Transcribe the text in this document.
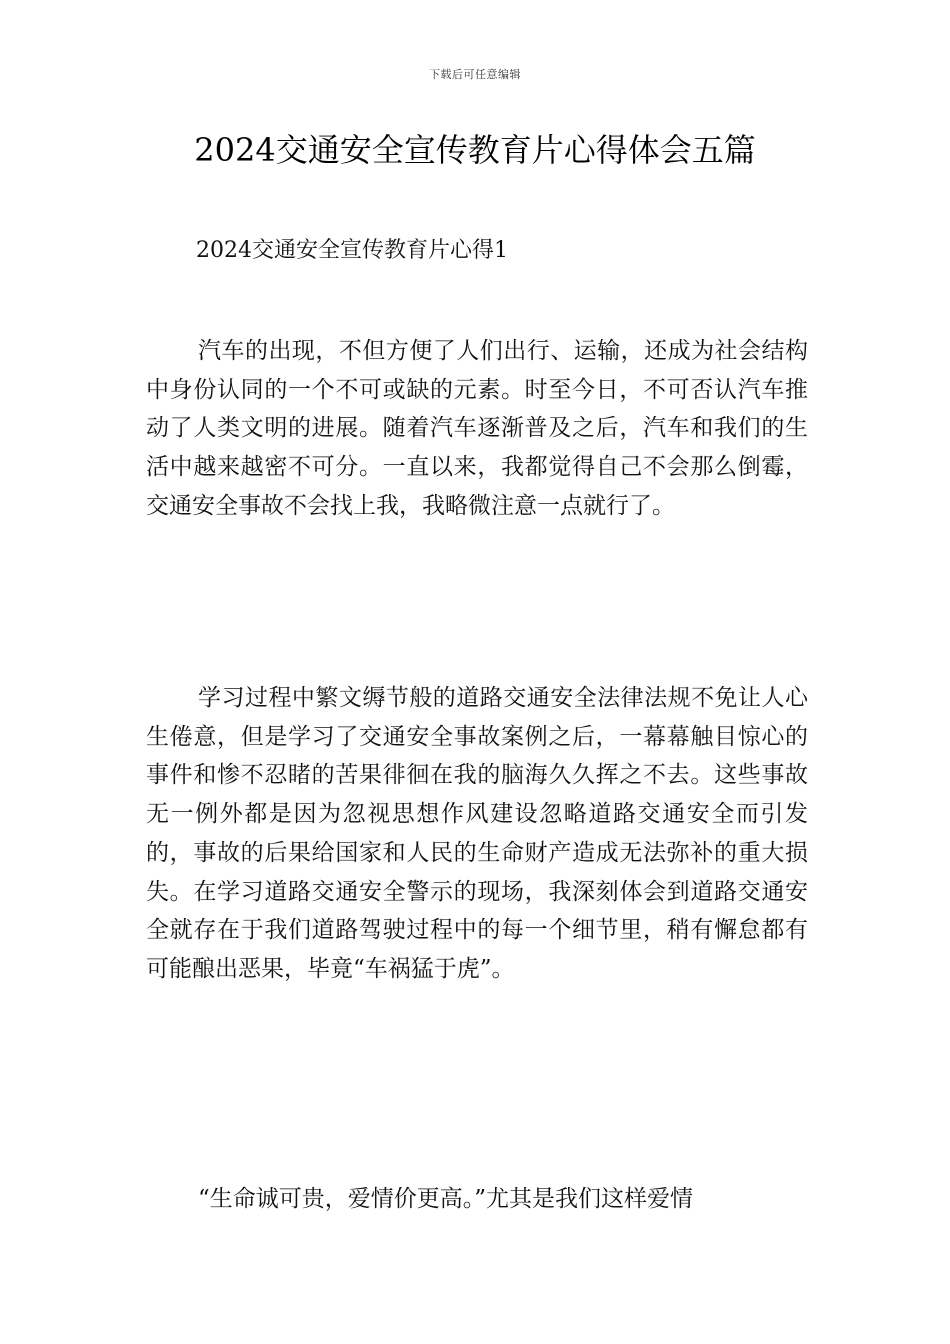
下载后可任意编辑
2024交通安全宣传教育片心得体会五篇
2024交通安全宣传教育片心得1

汽车的出现，不但方便了人们出行、运输，还成为社会结构中身份认同的一个不可或缺的元素。时至今日，不可否认汽车推动了人类文明的进展。随着汽车逐渐普及之后，汽车和我们的生活中越来越密不可分。一直以来，我都觉得自己不会那么倒霉，交通安全事故不会找上我，我略微注意一点就行了。

学习过程中繁文缛节般的道路交通安全法律法规不免让人心生倦意，但是学习了交通安全事故案例之后，一幕幕触目惊心的事件和惨不忍睹的苦果徘徊在我的脑海久久挥之不去。这些事故无一例外都是因为忽视思想作风建设忽略道路交通安全而引发的，事故的后果给国家和人民的生命财产造成无法弥补的重大损失。在学习道路交通安全警示的现场，我深刻体会到道路交通安全就存在于我们道路驾驶过程中的每一个细节里，稍有懈怠都有可能酿出恶果，毕竟“车祸猛于虎”。

“生命诚可贵，爱情价更高。”尤其是我们这样爱情
